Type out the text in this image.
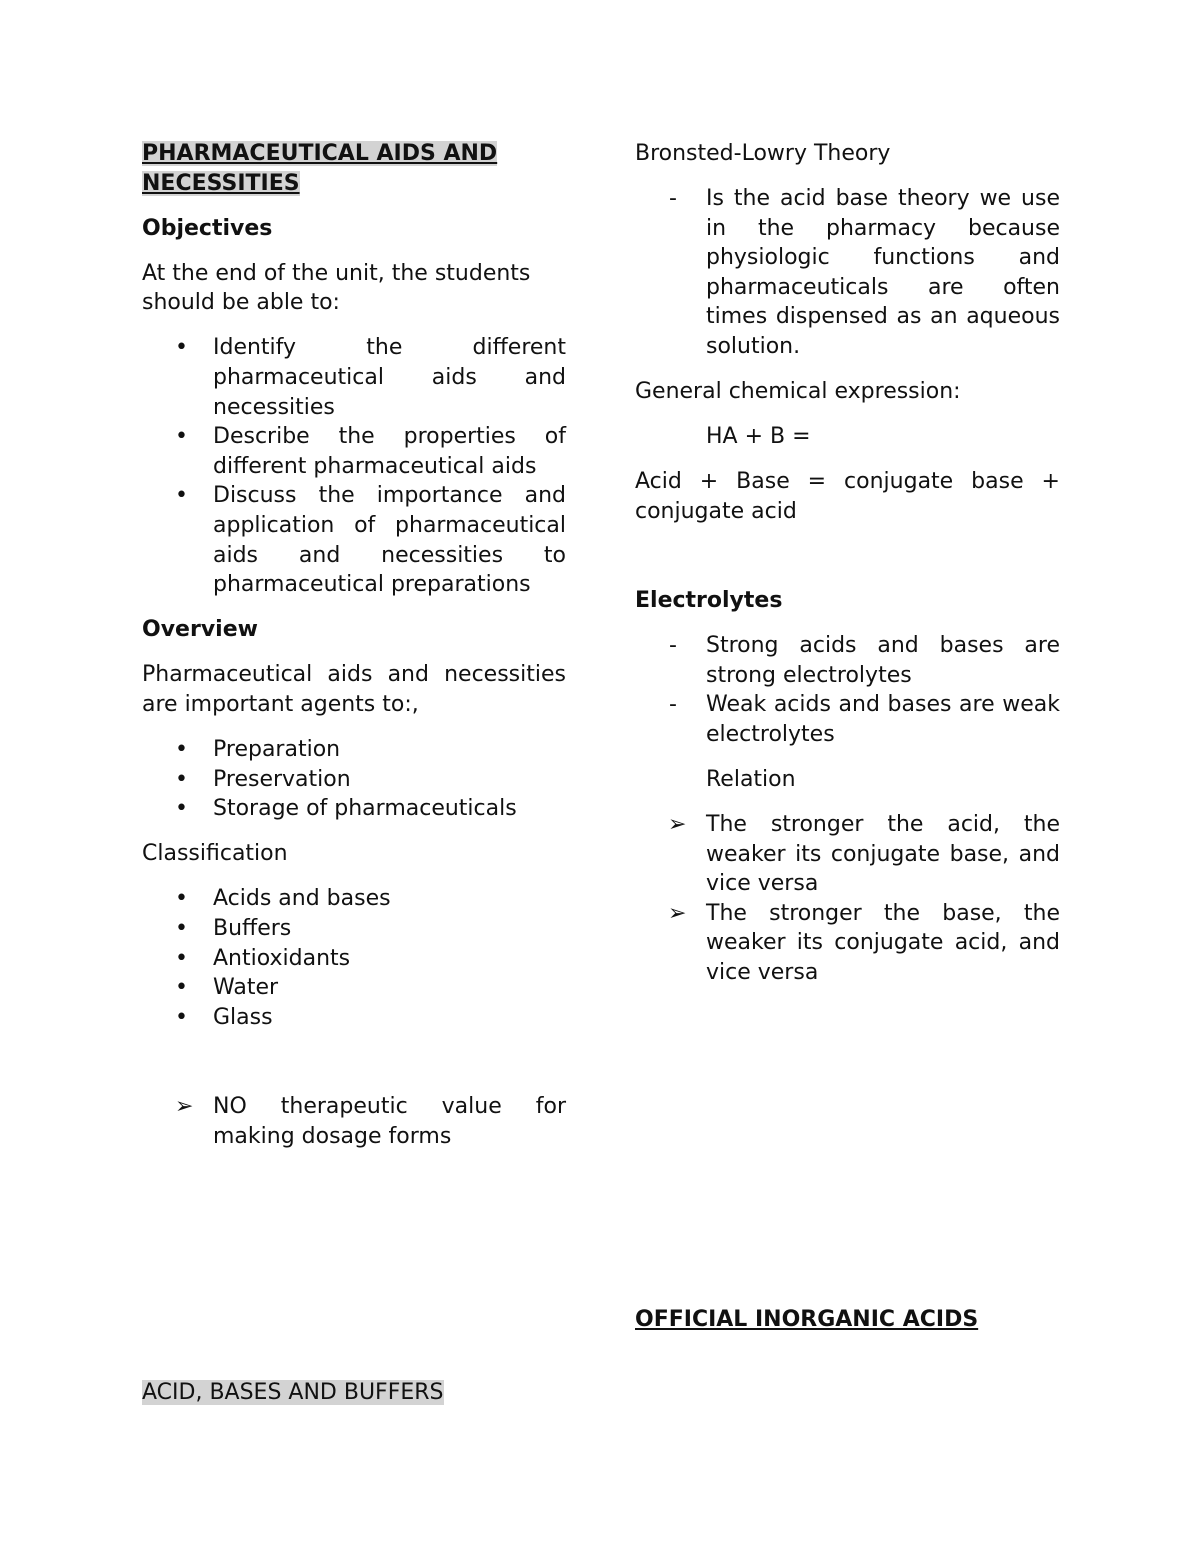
PHARMACEUTICAL AIDS AND
NECESSITIES

Objectives

At the end of the unit, the students should be able to:

•	Identify the different pharmaceutical aids and necessities
•	Describe the properties of different pharmaceutical aids
•	Discuss the importance and application of pharmaceutical aids and necessities to pharmaceutical preparations

Overview

Pharmaceutical aids and necessities are important agents to:,

•	Preparation
•	Preservation
•	Storage of pharmaceuticals

Classification

•	Acids and bases
•	Buffers
•	Antioxidants
•	Water
•	Glass
➢ NO therapeutic value for making dosage forms
ACID, BASES AND BUFFERS

Bronsted-Lowry Theory

-	Is the acid base theory we use in the pharmacy because physiologic functions and pharmaceuticals are often times dispensed as an aqueous solution.

General chemical expression:

HA + B =

Acid + Base = conjugate base + conjugate acid

Electrolytes

-	Strong acids and bases are strong electrolytes
-	Weak acids and bases are weak electrolytes

Relation

➢ The stronger the acid, the weaker its conjugate base, and vice versa
➢ The stronger the base, the weaker its conjugate acid, and vice versa
OFFICIAL INORGANIC ACIDS
